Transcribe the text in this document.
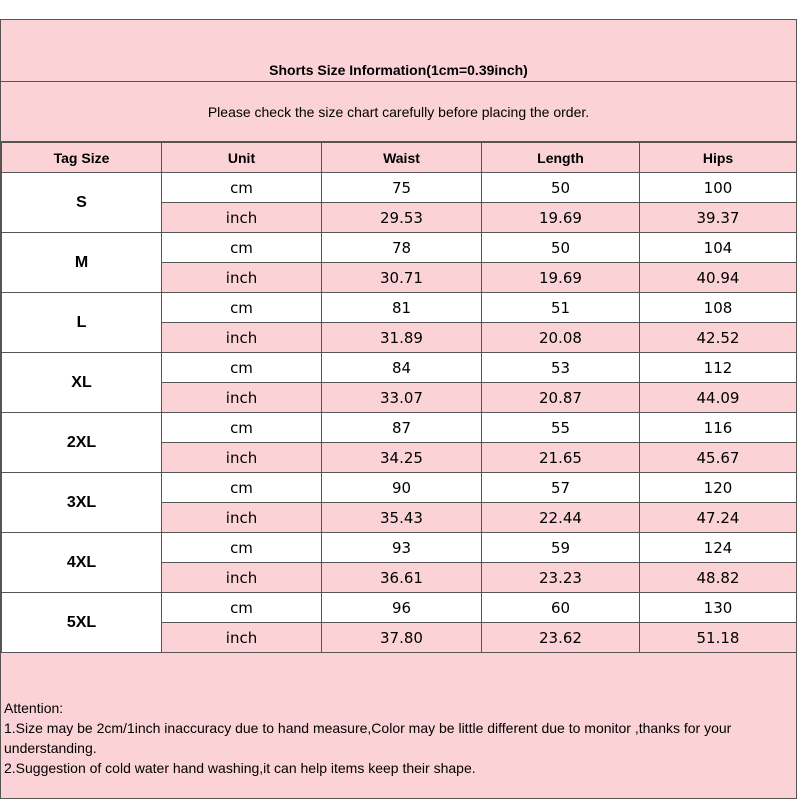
Shorts Size Information(1cm=0.39inch)
Please check the size chart carefully before placing the order.
Tag Size	Unit	Waist	Length	Hips
S	cm	75	50	100
	inch	29.53	19.69	39.37
M	cm	78	50	104
	inch	30.71	19.69	40.94
L	cm	81	51	108
	inch	31.89	20.08	42.52
XL	cm	84	53	112
	inch	33.07	20.87	44.09
2XL	cm	87	55	116
	inch	34.25	21.65	45.67
3XL	cm	90	57	120
	inch	35.43	22.44	47.24
4XL	cm	93	59	124
	inch	36.61	23.23	48.82
5XL	cm	96	60	130
	inch	37.80	23.62	51.18
Attention:
1.Size may be 2cm/1inch inaccuracy due to hand measure,Color may be little different due to monitor ,thanks for your understanding.
2.Suggestion of cold water hand washing,it can help items keep their shape.
